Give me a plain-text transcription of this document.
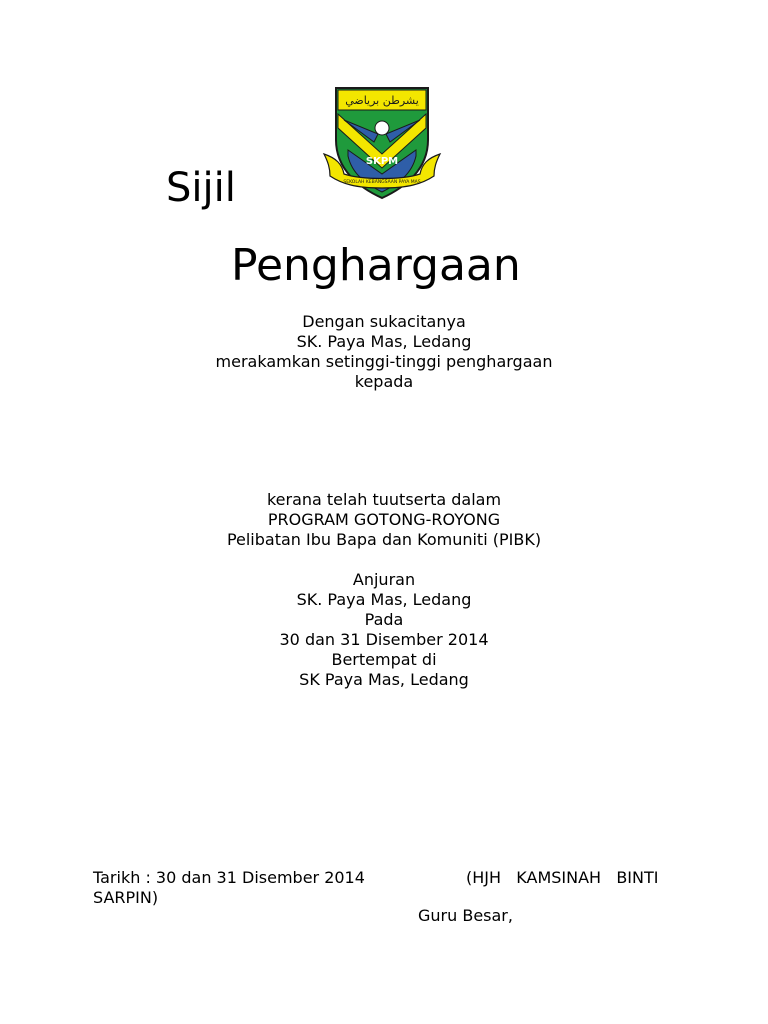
يشرطن برياضي
SKPM
SEKOLAH KEBANGSAAN PAYA MAS
Sijil
Penghargaan
Dengan sukacitanya
SK. Paya Mas, Ledang
merakamkan setinggi-tinggi penghargaan
kepada
kerana telah tuutserta dalam
PROGRAM GOTONG-ROYONG
Pelibatan Ibu Bapa dan Komuniti (PIBK)
Anjuran
SK. Paya Mas, Ledang
Pada
30 dan 31 Disember 2014
Bertempat di
SK Paya Mas, Ledang
Tarikh : 30 dan 31 Disember 2014	(HJH   KAMSINAH   BINTI
SARPIN)
Guru Besar,
